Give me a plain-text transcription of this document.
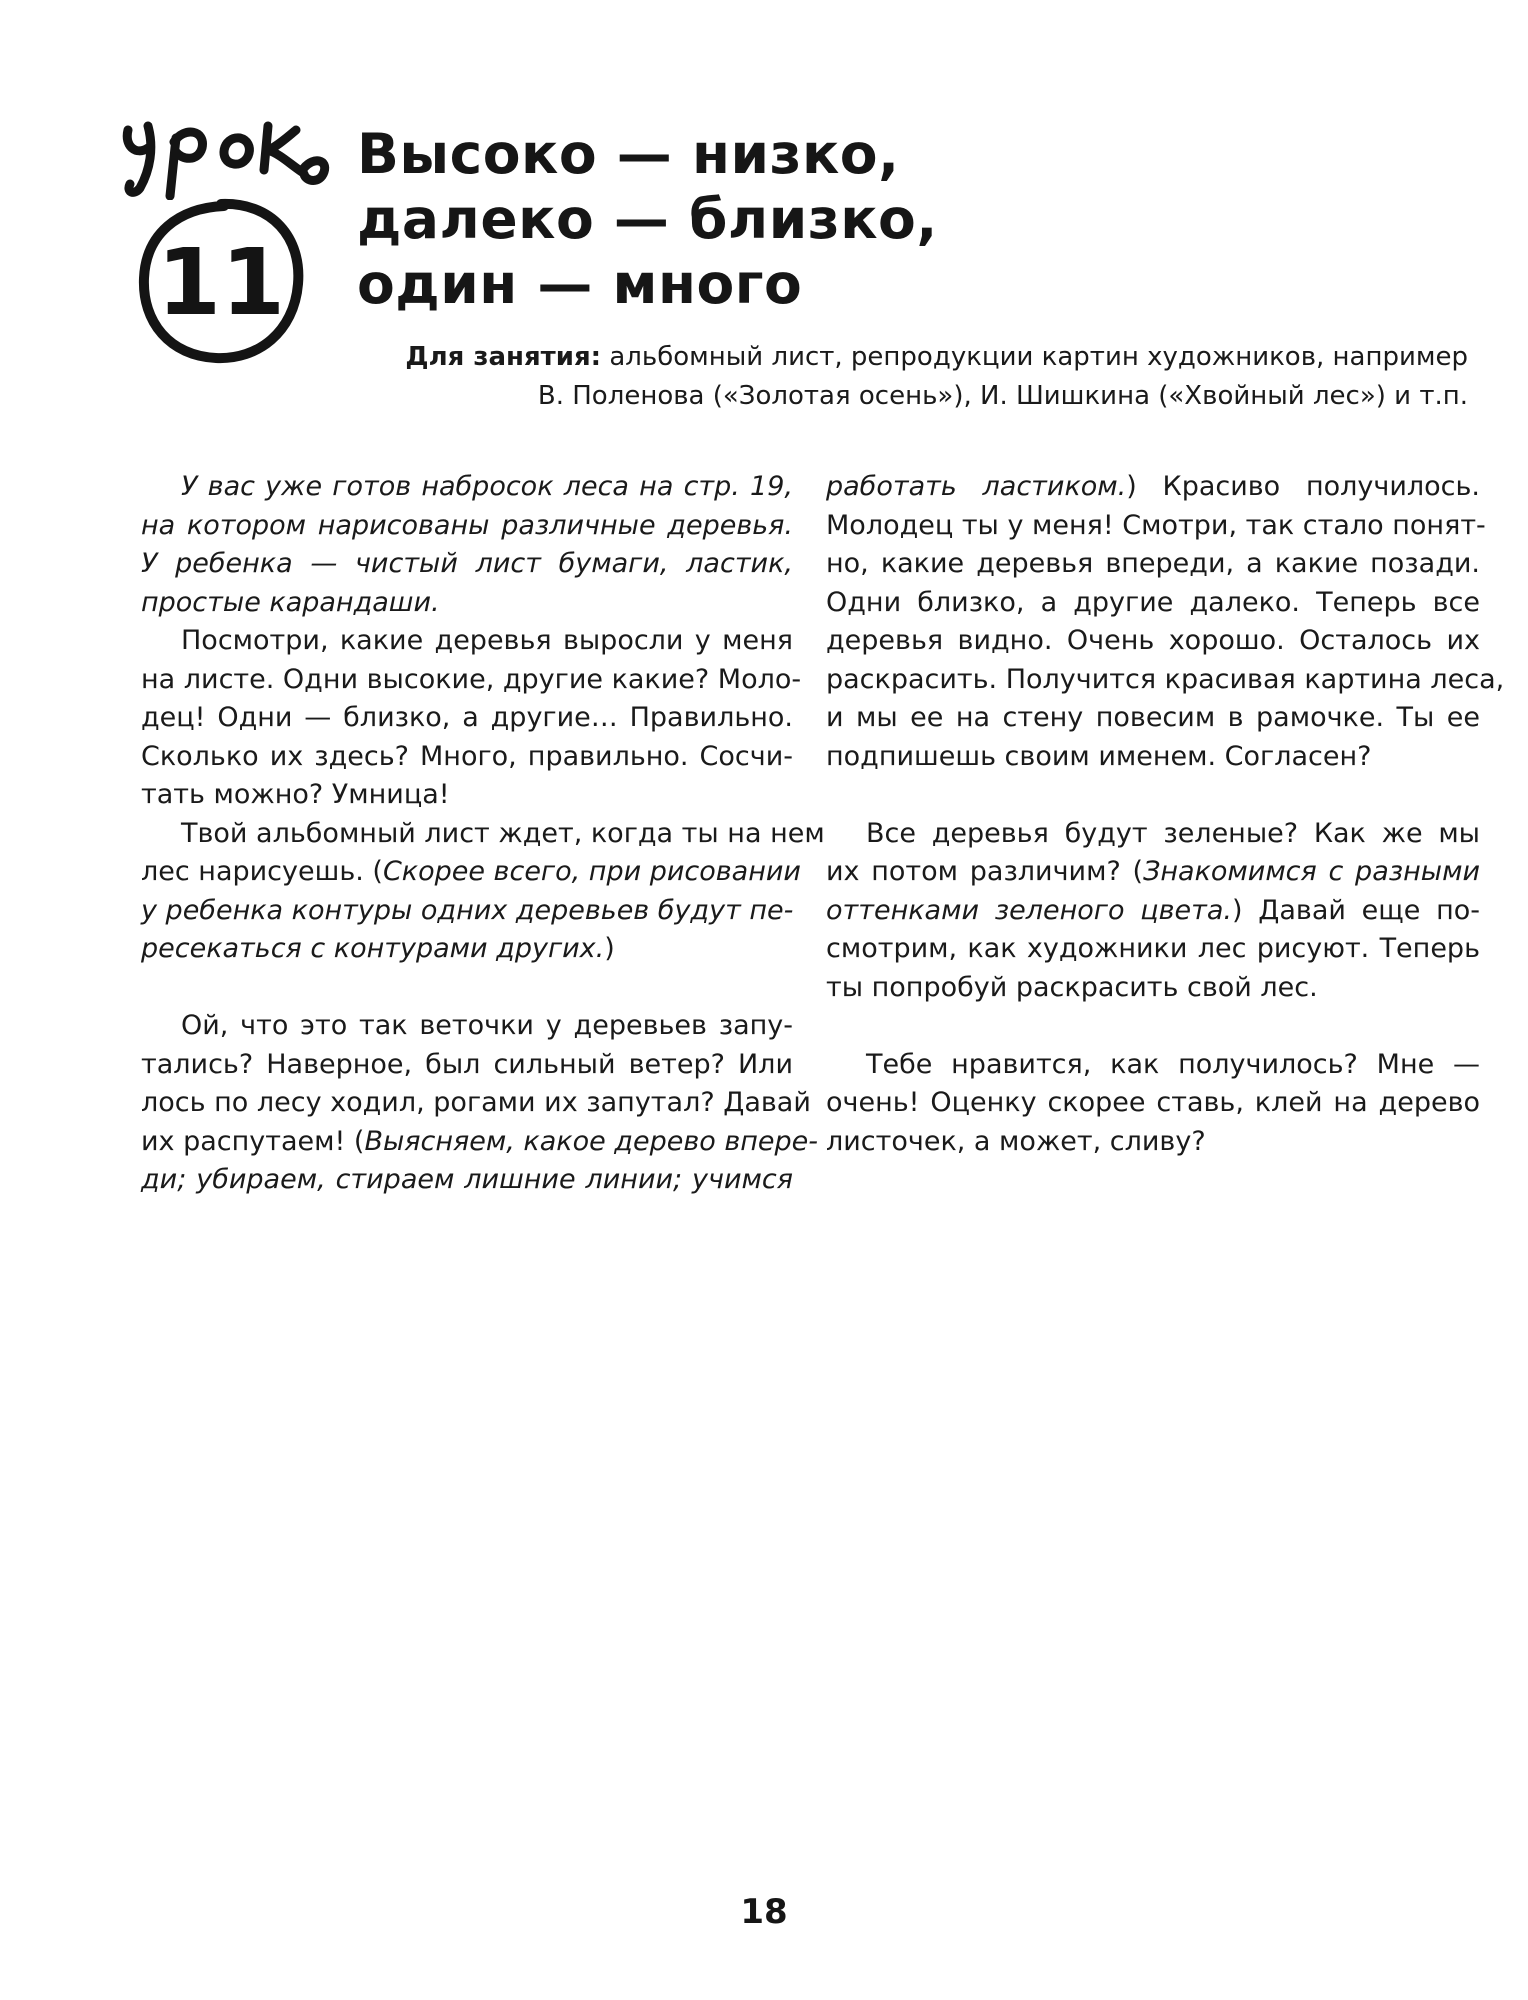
11
Высоко — низко,
далеко — близко,
один — много
Для занятия: альбомный лист, репродукции картин художников, например
В. Поленова («Золотая осень»), И. Шишкина («Хвойный лес») и т.п.
У вас уже готов набросок леса на стр. 19,
на котором нарисованы различные деревья.
У ребенка — чистый лист бумаги, ластик,
простые карандаши.
Посмотри, какие деревья выросли у меня
на листе. Одни высокие, другие какие? Моло-
дец! Одни — близко, а другие… Правильно.
Сколько их здесь? Много, правильно. Сосчи-
тать можно? Умница!
Твой альбомный лист ждет, когда ты на нем
лес нарисуешь. (Скорее всего, при рисовании
у ребенка контуры одних деревьев будут пе-
ресекаться с контурами других.)
Ой, что это так веточки у деревьев запу-
тались? Наверное, был сильный ветер? Или
лось по лесу ходил, рогами их запутал? Давай
их распутаем! (Выясняем, какое дерево впере-
ди; убираем, стираем лишние линии; учимся
работать ластиком.) Красиво получилось.
Молодец ты у меня! Смотри, так стало понят-
но, какие деревья впереди, а какие позади.
Одни близко, а другие далеко. Теперь все
деревья видно. Очень хорошо. Осталось их
раскрасить. Получится красивая картина леса,
и мы ее на стену повесим в рамочке. Ты ее
подпишешь своим именем. Согласен?
Все деревья будут зеленые? Как же мы
их потом различим? (Знакомимся с разными
оттенками зеленого цвета.) Давай еще по-
смотрим, как художники лес рисуют. Теперь
ты попробуй раскрасить свой лес.
Тебе нравится, как получилось? Мне —
очень! Оценку скорее ставь, клей на дерево
листочек, а может, сливу?
18
